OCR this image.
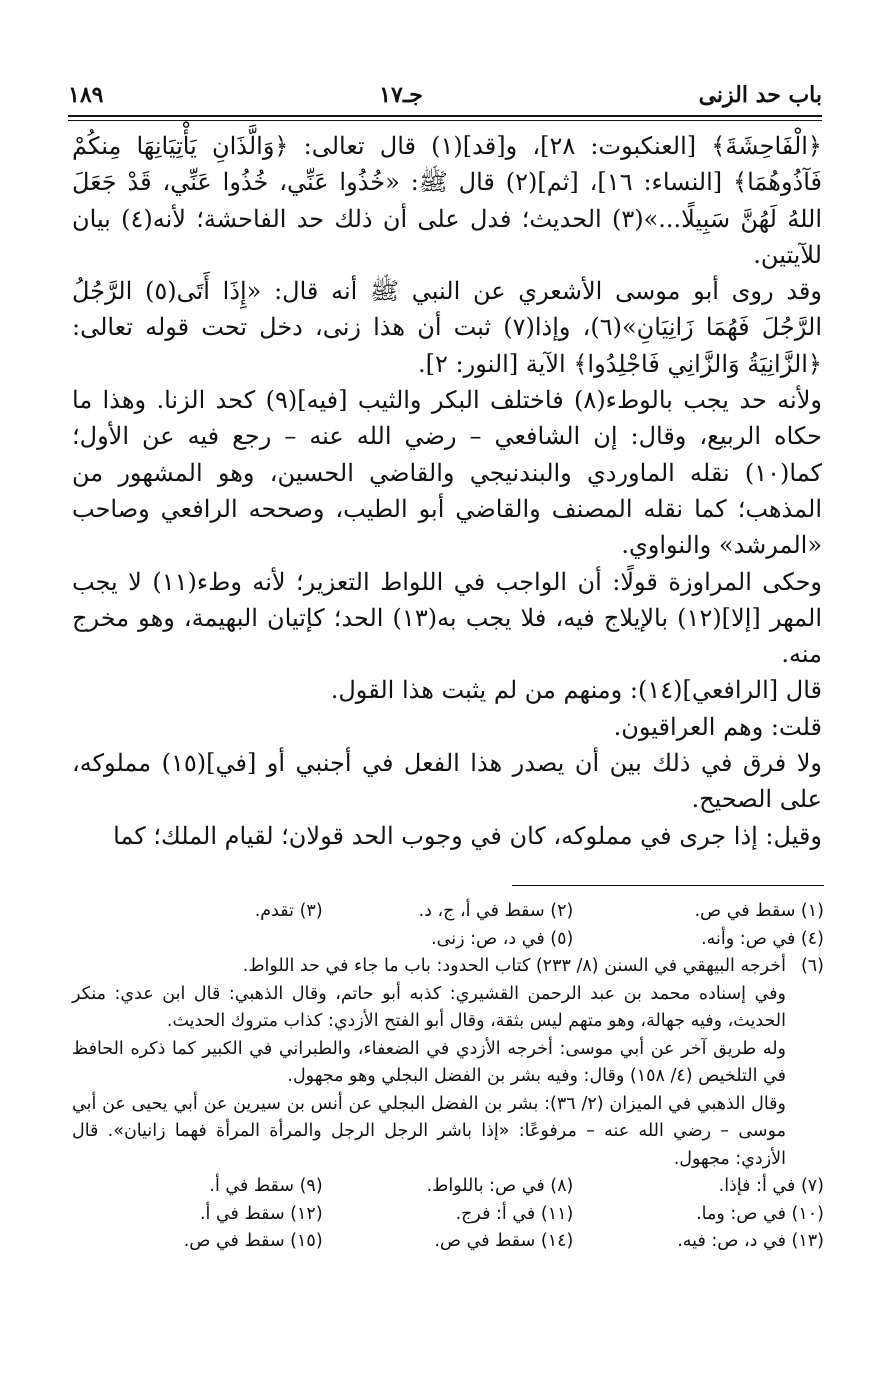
باب حد الزنى
جـ١٧
١٨٩

﴿الْفَاحِشَةَ﴾ [العنكبوت: ٢٨]، و[قد](١) قال تعالى: ﴿وَالَّذَانِ يَأْتِيَانِهَا مِنكُمْ فَآذُوهُمَا﴾ [النساء: ١٦]، [ثم](٢) قال ﷺ: «خُذُوا عَنِّي، خُذُوا عَنِّي، قَدْ جَعَلَ اللهُ لَهُنَّ سَبِيلًا...»(٣) الحديث؛ فدل على أن ذلك حد الفاحشة؛ لأنه(٤) بيان للآيتين.

وقد روى أبو موسى الأشعري عن النبي ﷺ أنه قال: «إِذَا أَتَى(٥) الرَّجُلُ الرَّجُلَ فَهُمَا زَانِيَانِ»(٦)، وإذا(٧) ثبت أن هذا زنى، دخل تحت قوله تعالى: ﴿الزَّانِيَةُ وَالزَّانِي فَاجْلِدُوا﴾ الآية [النور: ٢].

ولأنه حد يجب بالوطء(٨) فاختلف البكر والثيب [فيه](٩) كحد الزنا. وهذا ما حكاه الربيع، وقال: إن الشافعي – رضي الله عنه – رجع فيه عن الأول؛ كما(١٠) نقله الماوردي والبندنيجي والقاضي الحسين، وهو المشهور من المذهب؛ كما نقله المصنف والقاضي أبو الطيب، وصححه الرافعي وصاحب «المرشد» والنواوي.

وحكى المراوزة قولًا: أن الواجب في اللواط التعزير؛ لأنه وطء(١١) لا يجب المهر [إلا](١٢) بالإيلاج فيه، فلا يجب به(١٣) الحد؛ كإتيان البهيمة، وهو مخرج منه.

قال [الرافعي](١٤): ومنهم من لم يثبت هذا القول.

قلت: وهم العراقيون.

ولا فرق في ذلك بين أن يصدر هذا الفعل في أجنبي أو [في](١٥) مملوكه، على الصحيح.

وقيل: إذا جرى في مملوكه، كان في وجوب الحد قولان؛ لقيام الملك؛ كما

(١) سقط في ص.
(٢) سقط في أ، ج، د.
(٣) تقدم.
(٤) في ص: وأنه.
(٥) في د، ص: زنى.
(٦)

أخرجه البيهقي في السنن (٨/ ٢٣٣) كتاب الحدود: باب ما جاء في حد اللواط.

وفي إسناده محمد بن عبد الرحمن القشيري: كذبه أبو حاتم، وقال الذهبي: قال ابن عدي: منكر الحديث، وفيه جهالة، وهو متهم ليس بثقة، وقال أبو الفتح الأزدي: كذاب متروك الحديث.

وله طريق آخر عن أبي موسى: أخرجه الأزدي في الضعفاء، والطبراني في الكبير كما ذكره الحافظ في التلخيص (٤/ ١٥٨) وقال: وفيه بشر بن الفضل البجلي وهو مجهول.

وقال الذهبي في الميزان (٢/ ٣٦): بشر بن الفضل البجلي عن أنس بن سيرين عن أبي يحيى عن أبي موسى – رضي الله عنه – مرفوعًا: «إذا باشر الرجل الرجل والمرأة المرأة فهما زانيان». قال الأزدي: مجهول.

(٧) في أ: فإذا.
(٨) في ص: باللواط.
(٩) سقط في أ.
(١٠) في ص: وما.
(١١) في أ: فرج.
(١٢) سقط في أ.
(١٣) في د، ص: فيه.
(١٤) سقط في ص.
(١٥) سقط في ص.
